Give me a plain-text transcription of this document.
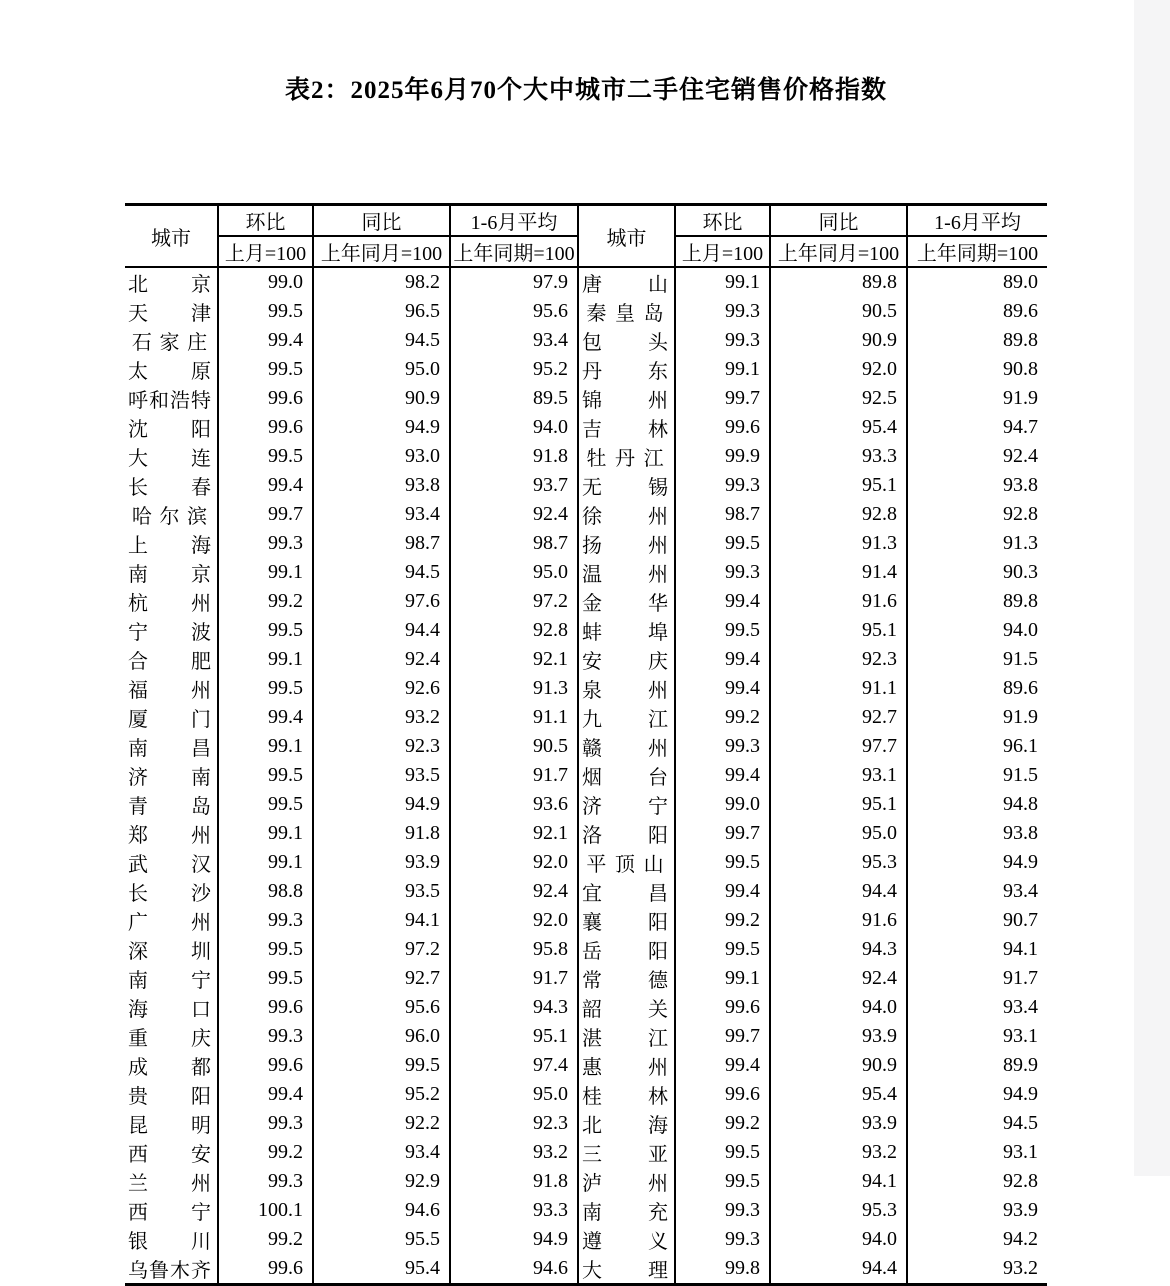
表2：2025年6月70个大中城市二手住宅销售价格指数
城市	环比	同比	1-6月平均	城市	环比	同比	1-6月平均
	上月=100	上年同月=100	上年同期=100		上月=100	上年同月=100	上年同期=100

北 京	99.0	98.2	97.9	唐 山	99.1	89.8	89.0

天 津	99.5	96.5	95.6	秦 皇 岛	99.3	90.5	89.6

石 家 庄	99.4	94.5	93.4	包 头	99.3	90.9	89.8

太 原	99.5	95.0	95.2	丹 东	99.1	92.0	90.8

呼 和 浩 特	99.6	90.9	89.5	锦 州	99.7	92.5	91.9

沈 阳	99.6	94.9	94.0	吉 林	99.6	95.4	94.7

大 连	99.5	93.0	91.8	牡 丹 江	99.9	93.3	92.4

长 春	99.4	93.8	93.7	无 锡	99.3	95.1	93.8

哈 尔 滨	99.7	93.4	92.4	徐 州	98.7	92.8	92.8

上 海	99.3	98.7	98.7	扬 州	99.5	91.3	91.3

南 京	99.1	94.5	95.0	温 州	99.3	91.4	90.3

杭 州	99.2	97.6	97.2	金 华	99.4	91.6	89.8

宁 波	99.5	94.4	92.8	蚌 埠	99.5	95.1	94.0

合 肥	99.1	92.4	92.1	安 庆	99.4	92.3	91.5

福 州	99.5	92.6	91.3	泉 州	99.4	91.1	89.6

厦 门	99.4	93.2	91.1	九 江	99.2	92.7	91.9

南 昌	99.1	92.3	90.5	赣 州	99.3	97.7	96.1

济 南	99.5	93.5	91.7	烟 台	99.4	93.1	91.5

青 岛	99.5	94.9	93.6	济 宁	99.0	95.1	94.8

郑 州	99.1	91.8	92.1	洛 阳	99.7	95.0	93.8

武 汉	99.1	93.9	92.0	平 顶 山	99.5	95.3	94.9

长 沙	98.8	93.5	92.4	宜 昌	99.4	94.4	93.4

广 州	99.3	94.1	92.0	襄 阳	99.2	91.6	90.7

深 圳	99.5	97.2	95.8	岳 阳	99.5	94.3	94.1

南 宁	99.5	92.7	91.7	常 德	99.1	92.4	91.7

海 口	99.6	95.6	94.3	韶 关	99.6	94.0	93.4

重 庆	99.3	96.0	95.1	湛 江	99.7	93.9	93.1

成 都	99.6	99.5	97.4	惠 州	99.4	90.9	89.9

贵 阳	99.4	95.2	95.0	桂 林	99.6	95.4	94.9

昆 明	99.3	92.2	92.3	北 海	99.2	93.9	94.5

西 安	99.2	93.4	93.2	三 亚	99.5	93.2	93.1

兰 州	99.3	92.9	91.8	泸 州	99.5	94.1	92.8

西 宁	100.1	94.6	93.3	南 充	99.3	95.3	93.9

银 川	99.2	95.5	94.9	遵 义	99.3	94.0	94.2

乌 鲁 木 齐	99.6	95.4	94.6	大 理	99.8	94.4	93.2
